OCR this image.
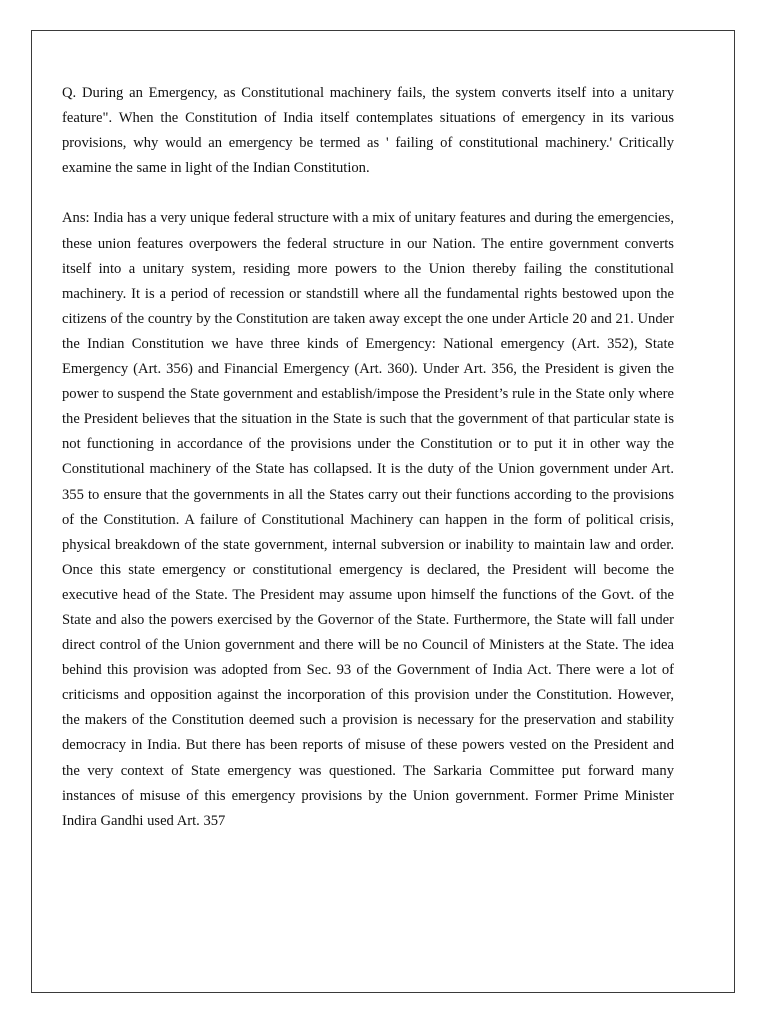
Q. During an Emergency, as Constitutional machinery fails, the system converts itself into a unitary feature". When the Constitution of India itself contemplates situations of emergency in its various provisions, why would an emergency be termed as ' failing of constitutional machinery.' Critically examine the same in light of the Indian Constitution.

Ans: India has a very unique federal structure with a mix of unitary features and during the emergencies, these union features overpowers the federal structure in our Nation. The entire government converts itself into a unitary system, residing more powers to the Union thereby failing the constitutional machinery. It is a period of recession or standstill where all the fundamental rights bestowed upon the citizens of the country by the Constitution are taken away except the one under Article 20 and 21. Under the Indian Constitution we have three kinds of Emergency: National emergency (Art. 352), State Emergency (Art. 356) and Financial Emergency (Art. 360). Under Art. 356, the President is given the power to suspend the State government and establish/impose the President’s rule in the State only where the President believes that the situation in the State is such that the government of that particular state is not functioning in accordance of the provisions under the Constitution or to put it in other way the Constitutional machinery of the State has collapsed. It is the duty of the Union government under Art. 355 to ensure that the governments in all the States carry out their functions according to the provisions of the Constitution. A failure of Constitutional Machinery can happen in the form of political crisis, physical breakdown of the state government, internal subversion or inability to maintain law and order. Once this state emergency or constitutional emergency is declared, the President will become the executive head of the State. The President may assume upon himself the functions of the Govt. of the State and also the powers exercised by the Governor of the State. Furthermore, the State will fall under direct control of the Union government and there will be no Council of Ministers at the State. The idea behind this provision was adopted from Sec. 93 of the Government of India Act. There were a lot of criticisms and opposition against the incorporation of this provision under the Constitution. However, the makers of the Constitution deemed such a provision is necessary for the preservation and stability democracy in India. But there has been reports of misuse of these powers vested on the President and the very context of State emergency was questioned. The Sarkaria Committee put forward many instances of misuse of this emergency provisions by the Union government. Former Prime Minister Indira Gandhi used Art. 357
